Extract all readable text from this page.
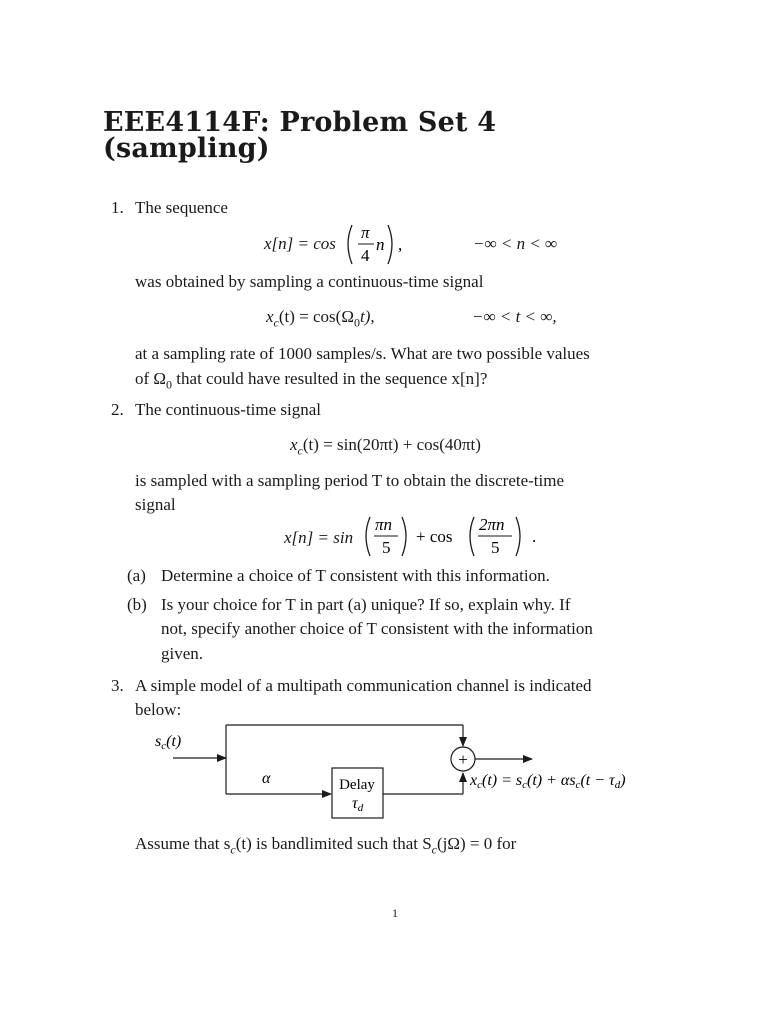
EEE4114F: Problem Set 4
(sampling)
1. The sequence
x[n] = cos
π
4
n ,	−∞ < n < ∞
was obtained by sampling a continuous-time signal
$x_c(t) = \cos(\Omega_0t)$,	−∞ < t < ∞,
at a sampling rate of 1000 samples/s. What are two possible values
of $\Omega_0$ that could have resulted in the sequence x[n]?
2. The continuous-time signal
$x_c(t) = \sin(20\pi t) + \cos(40\pi t)$
is sampled with a sampling period T to obtain the discrete-time
signal
x[n] = sin
πn
5
+ cos
2πn
5
.
(a) Determine a choice of T consistent with this information.
(b) Is your choice for T in part (a) unique? If so, explain why. If
not, specify another choice of T consistent with the information
given.
3. A simple model of a multipath communication channel is indicated
below:
sc(t)
α	Delay
τd
+
xc(t) = sc(t) + αsc(t − τd)
Assume that $s_c(t)$ is bandlimited such that $S_c(j\Omega) = 0$ for
1
